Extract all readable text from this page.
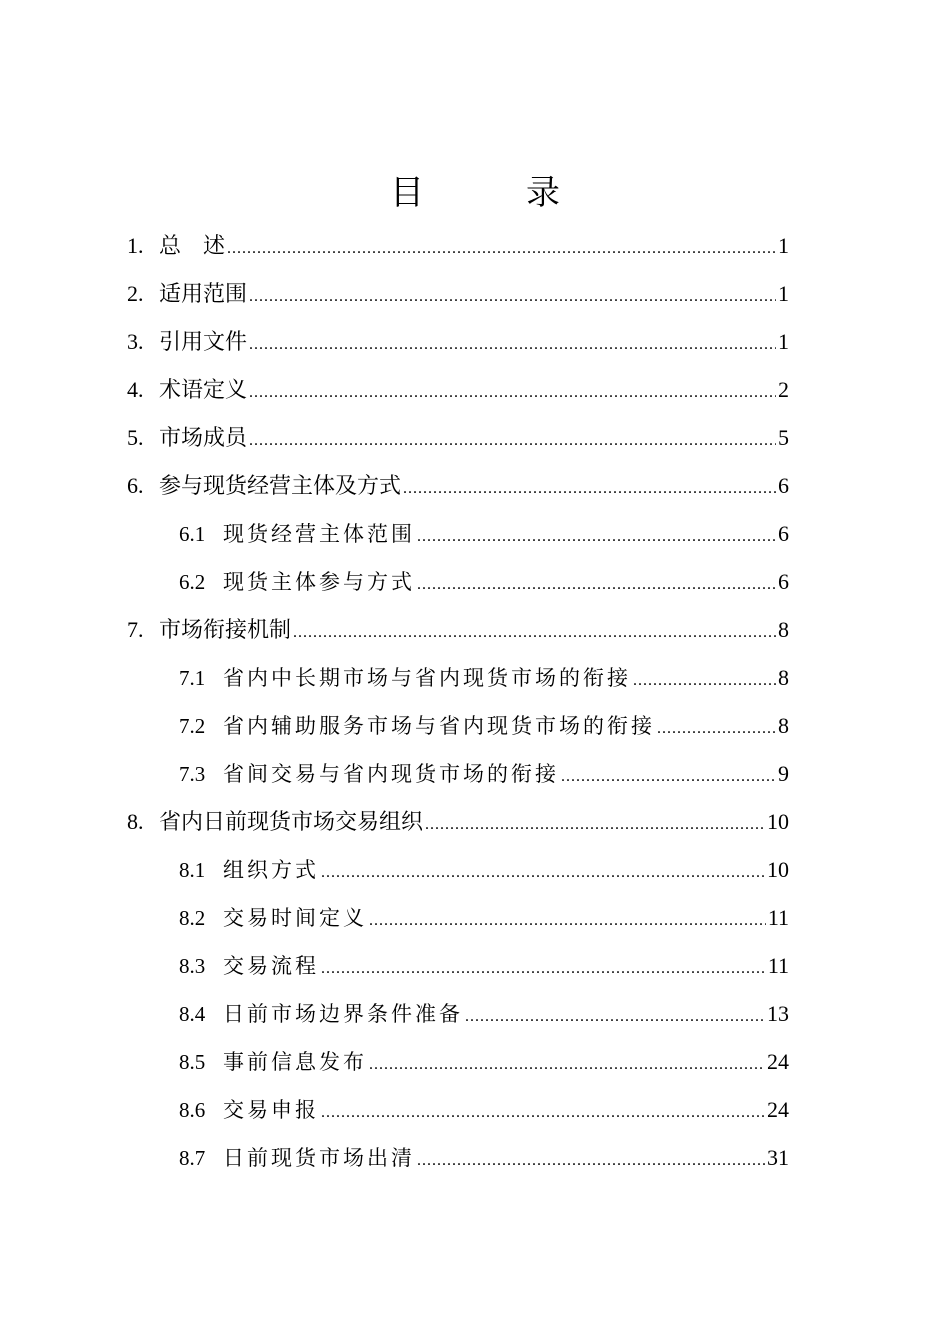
目　录
1. 总　述 .....	1
2. 适用范围 .....	1
3. 引用文件 .....	1
4. 术语定义 .....	2
5. 市场成员 .....	5
6. 参与现货经营主体及方式 .....	6
6.1 现货经营主体范围 .....	6
6.2 现货主体参与方式 .....	6
7. 市场衔接机制 .....	8
7.1 省内中长期市场与省内现货市场的衔接 .....	8
7.2 省内辅助服务市场与省内现货市场的衔接 .....	8
7.3 省间交易与省内现货市场的衔接 .....	9
8. 省内日前现货市场交易组织 .....	10
8.1 组织方式 .....	10
8.2 交易时间定义 .....	11
8.3 交易流程 .....	11
8.4 日前市场边界条件准备 .....	13
8.5 事前信息发布 .....	24
8.6 交易申报 .....	24
8.7 日前现货市场出清 .....	31
